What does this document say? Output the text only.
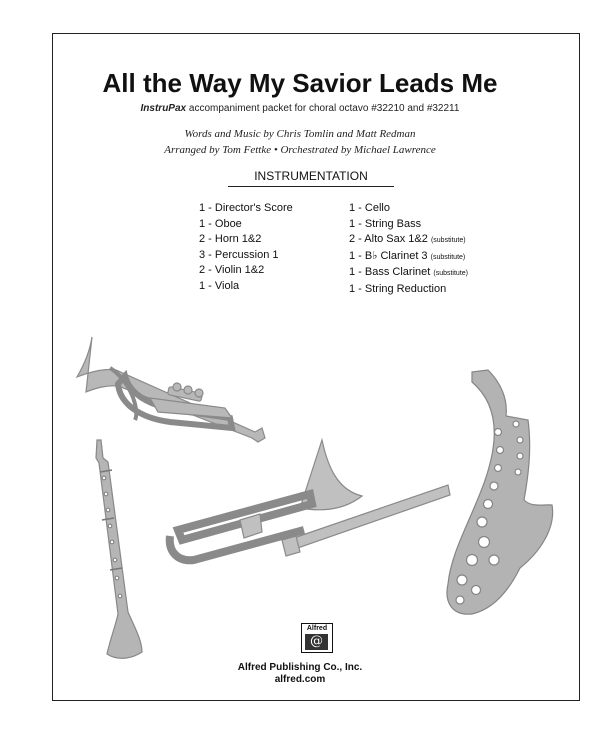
All the Way My Savior Leads Me
InstruPax accompaniment packet for choral octavo #32210 and #32211
Words and Music by Chris Tomlin and Matt Redman
Arranged by Tom Fettke • Orchestrated by Michael Lawrence
INSTRUMENTATION
1 - Director's Score
1 - Oboe
2 - Horn 1&2
3 - Percussion 1
2 - Violin 1&2
1 - Viola
1 - Cello
1 - String Bass
2 - Alto Sax 1&2 (substitute)
1 - B♭ Clarinet 3 (substitute)
1 - Bass Clarinet (substitute)
1 - String Reduction
Alfred
@
Alfred Publishing Co., Inc.
alfred.com
